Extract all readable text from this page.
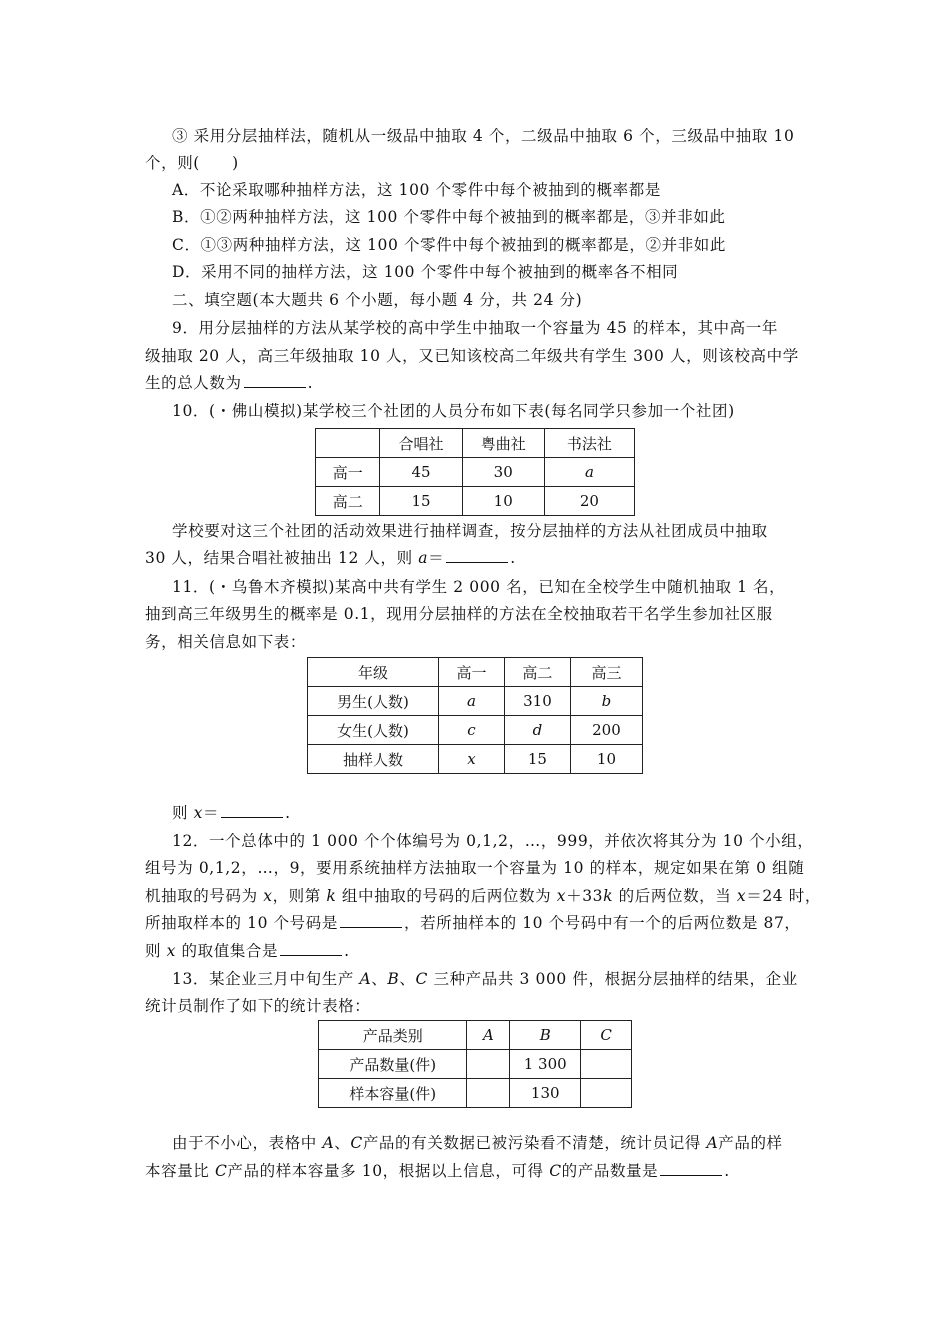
③ 采用分层抽样法，随机从一级品中抽取 4 个，二级品中抽取 6 个，三级品中抽取 10
个，则(　　)
A．不论采取哪种抽样方法，这 100 个零件中每个被抽到的概率都是
B．①②两种抽样方法，这 100 个零件中每个被抽到的概率都是，③并非如此
C．①③两种抽样方法，这 100 个零件中每个被抽到的概率都是，②并非如此
D．采用不同的抽样方法，这 100 个零件中每个被抽到的概率各不相同
二、填空题(本大题共 6 个小题，每小题 4 分，共 24 分)
9．用分层抽样的方法从某学校的高中学生中抽取一个容量为 45 的样本，其中高一年
级抽取 20 人，高三年级抽取 10 人，又已知该校高二年级共有学生 300 人，则该校高中学
生的总人数为	.
10．(・佛山模拟)某学校三个社团的人员分布如下表(每名同学只参加一个社团)
	合唱社	粤曲社	书法社
高一	45	30	a
高二	15	10	20
学校要对这三个社团的活动效果进行抽样调查，按分层抽样的方法从社团成员中抽取
30 人，结果合唱社被抽出 12 人，则 a＝	.
11．(・乌鲁木齐模拟)某高中共有学生 2 000 名，已知在全校学生中随机抽取 1 名，
抽到高三年级男生的概率是 0.1，现用分层抽样的方法在全校抽取若干名学生参加社区服
务，相关信息如下表：
年级	高一	高二	高三
男生(人数)	a	310	b
女生(人数)	c	d	200
抽样人数	x	15	10
则 x＝	.
12．一个总体中的 1 000 个个体编号为 0,1,2，…，999，并依次将其分为 10 个小组，
组号为 0,1,2，…，9，要用系统抽样方法抽取一个容量为 10 的样本，规定如果在第 0 组随
机抽取的号码为 x，则第 k 组中抽取的号码的后两位数为 x＋33k 的后两位数，当 x＝24 时，
所抽取样本的 10 个号码是	，若所抽样本的 10 个号码中有一个的后两位数是 87，
则 x 的取值集合是	.
13．某企业三月中旬生产 A、B、C 三种产品共 3 000 件，根据分层抽样的结果，企业
统计员制作了如下的统计表格：
产品类别	A	B	C
产品数量(件)		1 300	
样本容量(件)		130	
由于不小心，表格中 A、C产品的有关数据已被污染看不清楚，统计员记得 A产品的样
本容量比 C产品的样本容量多 10，根据以上信息，可得 C的产品数量是	.
